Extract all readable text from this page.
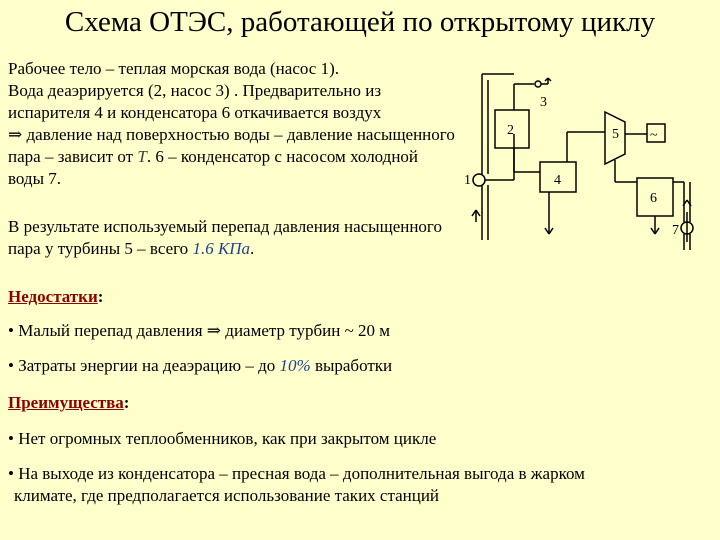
Схема ОТЭС, работающей по открытому циклу
Рабочее тело – теплая морская вода (насос 1).
Вода деаэрируется (2, насос 3) . Предварительно из испарителя 4 и конденсатора 6 откачивается воздух
⇒ давление над поверхностью воды – давление насыщенного пара – зависит от T. 6 – конденсатор с насосом холодной воды 7.
В результате используемый перепад давления насыщенного пара у турбины 5 – всего 1.6 КПа.
Недостатки:
• Малый перепад давления ⇒ диаметр турбин ~ 20 м
• Затраты энергии на деаэрацию – до 10% выработки
Преимущества:
• Нет огромных теплообменников, как при закрытом цикле
• На выходе из конденсатора – пресная вода – дополнительная выгода в жарком
климате, где предполагается использование таких станций
1
2
3
4
5
6
7
~
